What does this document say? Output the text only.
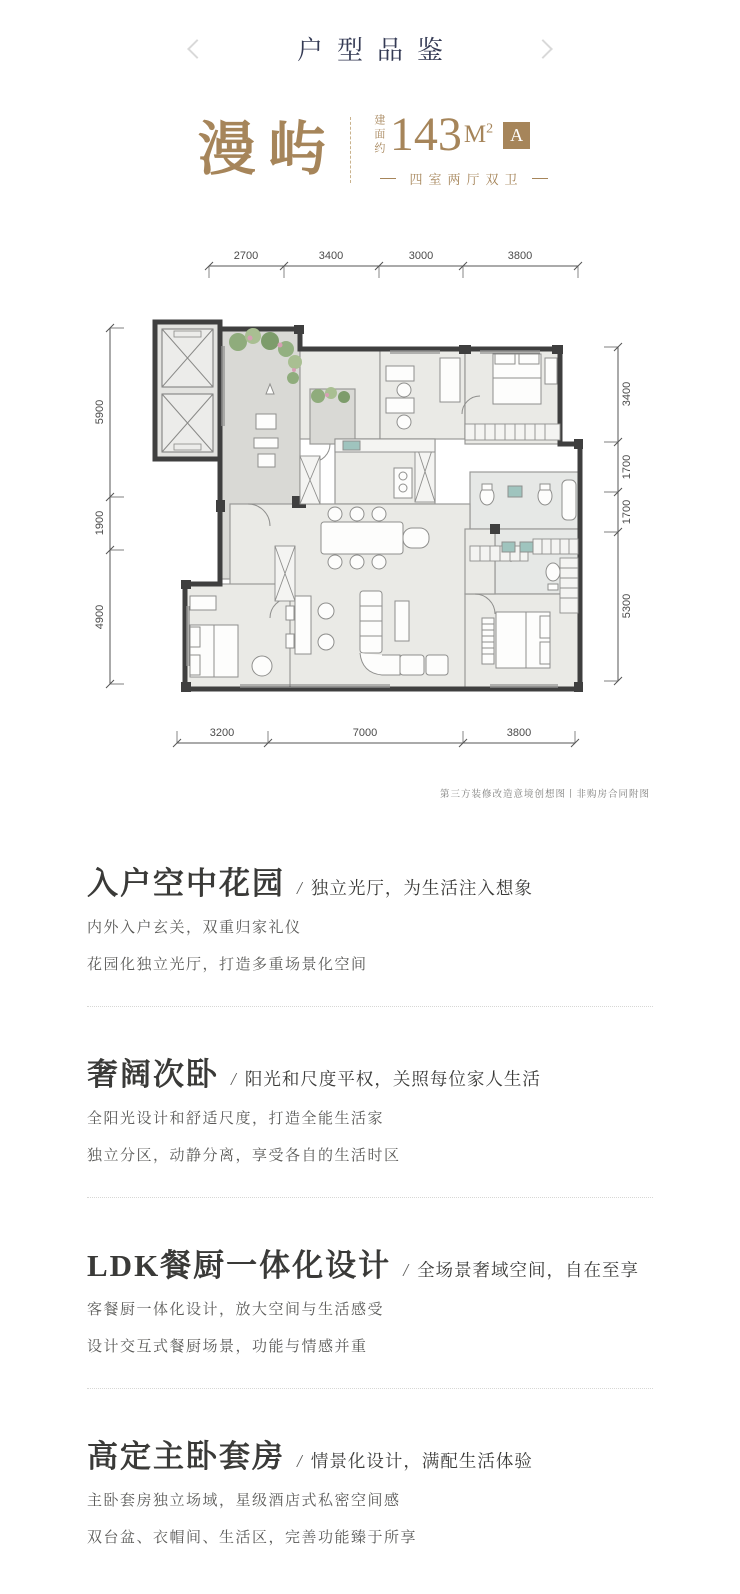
户型品鉴
漫屿	建面约 143 $M^2$ A
四室两厅双卫
2700	3400	3000	3800
5900
1900
4900
3400
1700
1700
5300
3200	7000	3800
第三方装修改造意境创想图丨非购房合同附图
入户空中花园 / 独立光厅，为生活注入想象

内外入户玄关，双重归家礼仪

花园化独立光厅，打造多重场景化空间

奢阔次卧 / 阳光和尺度平权，关照每位家人生活

全阳光设计和舒适尺度，打造全能生活家

独立分区，动静分离，享受各自的生活时区

LDK餐厨一体化设计 / 全场景奢域空间，自在至享

客餐厨一体化设计，放大空间与生活感受

设计交互式餐厨场景，功能与情感并重

高定主卧套房 / 情景化设计，满配生活体验

主卧套房独立场域，星级酒店式私密空间感

双台盆、衣帽间、生活区，完善功能臻于所享
